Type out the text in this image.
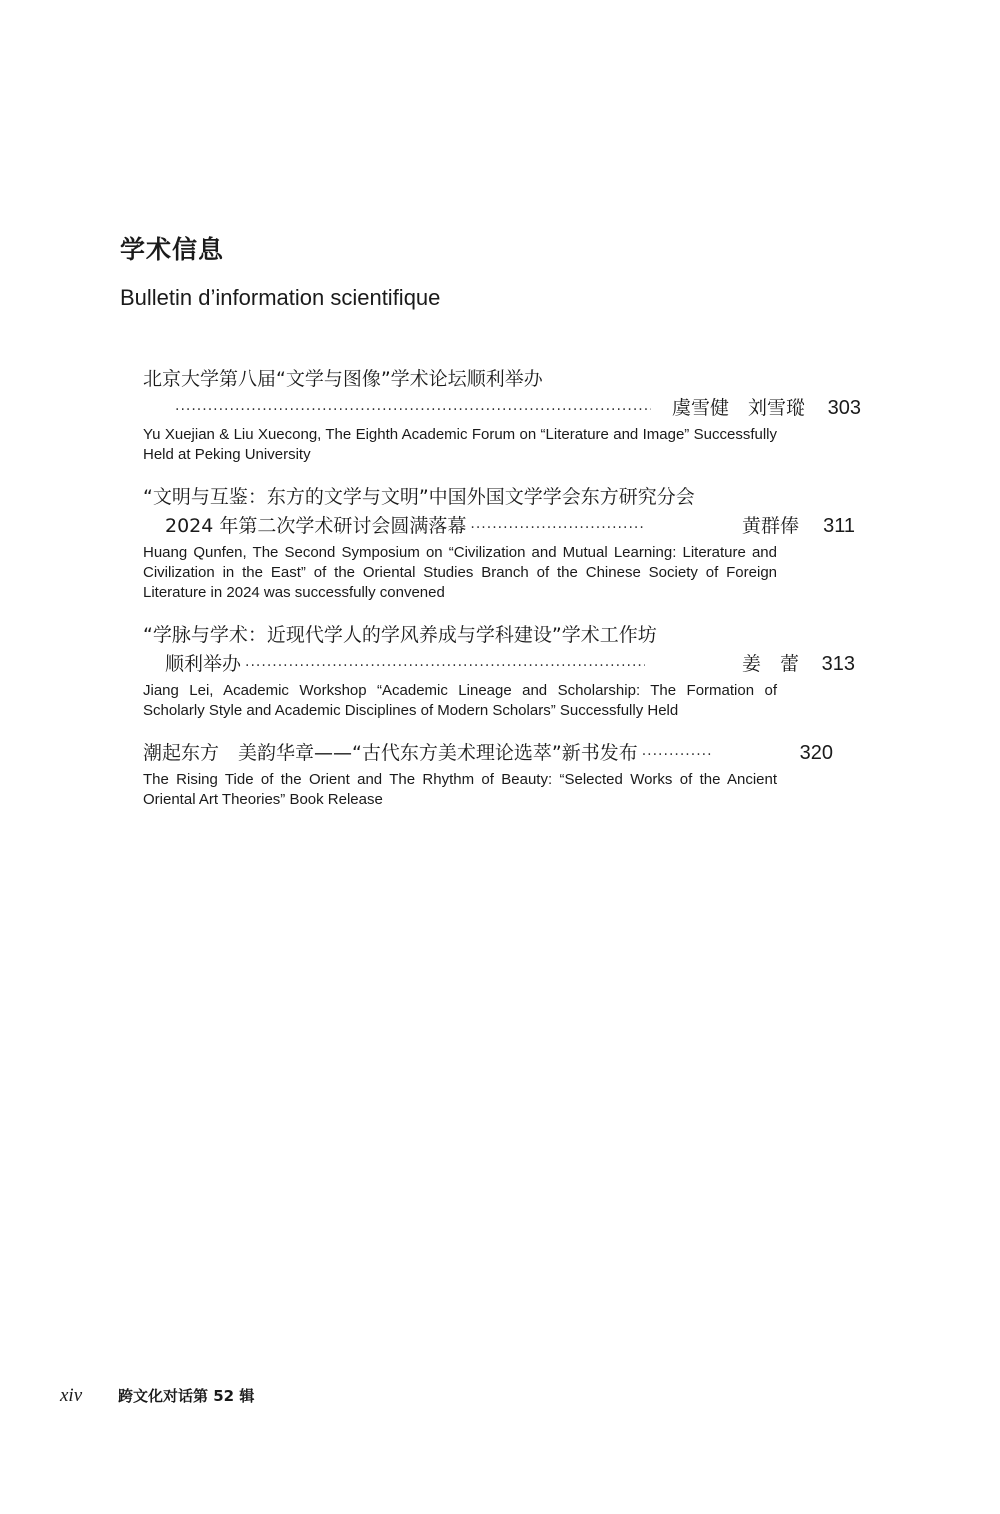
学术信息
Bulletin d’information scientifique
北京大学第八届“文学与图像”学术论坛顺利举办
·····
虞雪健　刘雪瑽	303
Yu Xuejian & Liu Xuecong, The Eighth Academic Forum on “Literature and Image” Successfully Held at Peking University
“文明与互鉴：东方的文学与文明”中国外国文学学会东方研究分会
2024 年第二次学术研讨会圆满落幕 ·····	黄群俸	311
Huang Qunfen, The Second Symposium on “Civilization and Mutual Learning: Literature and Civilization in the East” of the Oriental Studies Branch of the Chinese Society of Foreign Literature in 2024 was successfully convened
“学脉与学术：近现代学人的学风养成与学科建设”学术工作坊
顺利举办 ·····	姜　蕾	313
Jiang Lei, Academic Workshop “Academic Lineage and Scholarship: The Formation of Scholarly Style and Academic Disciplines of Modern Scholars” Successfully Held
潮起东方　美韵华章——“古代东方美术理论选萃”新书发布 ·····	320
The Rising Tide of the Orient and The Rhythm of Beauty: “Selected Works of the Ancient Oriental Art Theories” Book Release
xiv	跨文化对话第 52 辑
